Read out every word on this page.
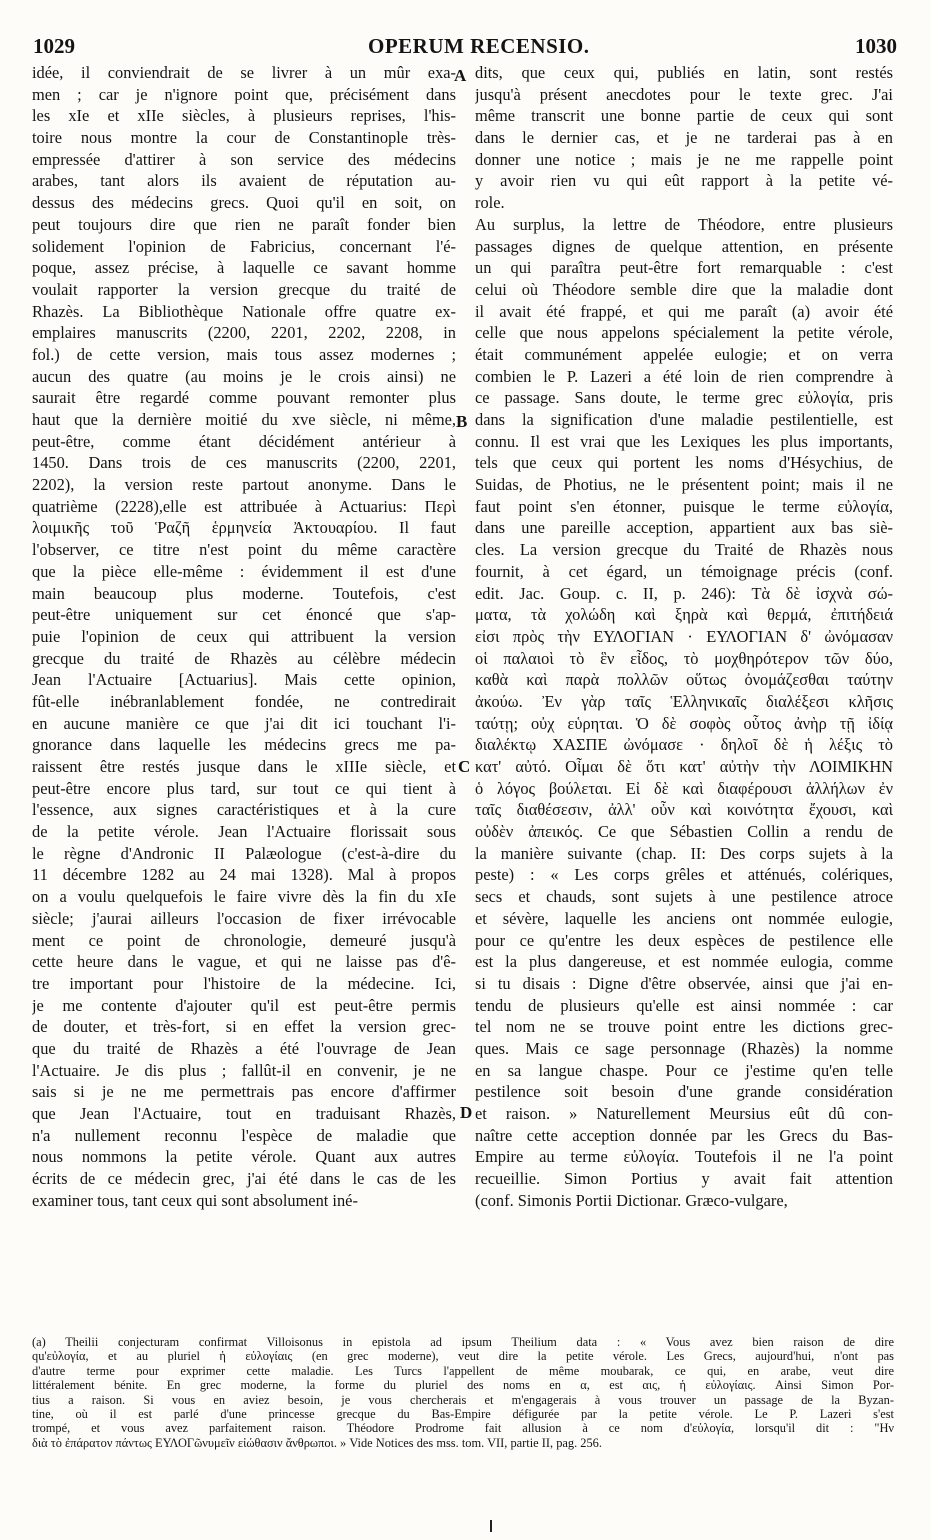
1029	OPERUM RECENSIO.	1030
idée, il conviendrait de se livrer à un mûr exa-
men ; car je n'ignore point que, précisément dans
les xIe et xIIe siècles, à plusieurs reprises, l'his-
toire nous montre la cour de Constantinople très-
empressée d'attirer à son service des médecins
arabes, tant alors ils avaient de réputation au-
dessus des médecins grecs. Quoi qu'il en soit, on
peut toujours dire que rien ne paraît fonder bien
solidement l'opinion de Fabricius, concernant l'é-
poque, assez précise, à laquelle ce savant homme
voulait rapporter la version grecque du traité de
Rhazès. La Bibliothèque Nationale offre quatre ex-
emplaires manuscrits (2200, 2201, 2202, 2208, in
fol.) de cette version, mais tous assez modernes ;
aucun des quatre (au moins je le crois ainsi) ne
saurait être regardé comme pouvant remonter plus
haut que la dernière moitié du xve siècle, ni même,
peut-être, comme étant décidément antérieur à
1450. Dans trois de ces manuscrits (2200, 2201,
2202), la version reste partout anonyme. Dans le
quatrième (2228),elle est attribuée à Actuarius: Περὶ
λοιμικῆς τοῦ Ῥαζῆ ἑρμηνεία Ἀκτουαρίου. Il faut
l'observer, ce titre n'est point du même caractère
que la pièce elle-même : évidemment il est d'une
main beaucoup plus moderne. Toutefois, c'est
peut-être uniquement sur cet énoncé que s'ap-
puie l'opinion de ceux qui attribuent la version
grecque du traité de Rhazès au célèbre médecin
Jean l'Actuaire [Actuarius]. Mais cette opinion,
fût-elle inébranlablement fondée, ne contredirait
en aucune manière ce que j'ai dit ici touchant l'i-
gnorance dans laquelle les médecins grecs me pa-
raissent être restés jusque dans le xIIIe siècle, et
peut-être encore plus tard, sur tout ce qui tient à
l'essence, aux signes caractéristiques et à la cure
de la petite vérole. Jean l'Actuaire florissait sous
le règne d'Andronic II Palæologue (c'est-à-dire du
11 décembre 1282 au 24 mai 1328). Mal à propos
on a voulu quelquefois le faire vivre dès la fin du xIe
siècle; j'aurai ailleurs l'occasion de fixer irrévocable
ment ce point de chronologie, demeuré jusqu'à
cette heure dans le vague, et qui ne laisse pas d'ê-
tre important pour l'histoire de la médecine. Ici,
je me contente d'ajouter qu'il est peut-être permis
de douter, et très-fort, si en effet la version grec-
que du traité de Rhazès a été l'ouvrage de Jean
l'Actuaire. Je dis plus ; fallût-il en convenir, je ne
sais si je ne me permettrais pas encore d'affirmer
que Jean l'Actuaire, tout en traduisant Rhazès,
n'a nullement reconnu l'espèce de maladie que
nous nommons la petite vérole. Quant aux autres
écrits de ce médecin grec, j'ai été dans le cas de les
examiner tous, tant ceux qui sont absolument iné-
dits, que ceux qui, publiés en latin, sont restés
jusqu'à présent anecdotes pour le texte grec. J'ai
même transcrit une bonne partie de ceux qui sont
dans le dernier cas, et je ne tarderai pas à en
donner une notice ; mais je ne me rappelle point
y avoir rien vu qui eût rapport à la petite vé-
role.
Au surplus, la lettre de Théodore, entre plusieurs
passages dignes de quelque attention, en présente
un qui paraîtra peut-être fort remarquable : c'est
celui où Théodore semble dire que la maladie dont
il avait été frappé, et qui me paraît (a) avoir été
celle que nous appelons spécialement la petite vérole,
était communément appelée eulogie; et on verra
combien le P. Lazeri a été loin de rien comprendre à
ce passage. Sans doute, le terme grec εὐλογία, pris
dans la signification d'une maladie pestilentielle, est
connu. Il est vrai que les Lexiques les plus importants,
tels que ceux qui portent les noms d'Hésychius, de
Suidas, de Photius, ne le présentent point; mais il ne
faut point s'en étonner, puisque le terme εὐλογία,
dans une pareille acception, appartient aux bas siè-
cles. La version grecque du Traité de Rhazès nous
fournit, à cet égard, un témoignage précis (conf.
edit. Jac. Goup. c. II, p. 246): Τὰ δὲ ἰσχνὰ σώ-
ματα, τὰ χολώδη καὶ ξηρὰ καὶ θερμά, ἐπιτήδειά
εἰσι πρὸς τὴν ΕΥΛΟΓΙΑΝ · ΕΥΛΟΓΙΑΝ δ' ὠνόμασαν
οἱ παλαιοὶ τὸ ἓν εἶδος, τὸ μοχθηρότερον τῶν δύο,
καθὰ καὶ παρὰ πολλῶν οὕτως ὀνομάζεσθαι ταύτην
ἀκούω. Ἐν γὰρ ταῖς Ἑλληνικαῖς διαλέξεσι κλῆσις
ταύτῃ; οὐχ εὑρηται. Ὁ δὲ σοφὸς οὗτος ἀνὴρ τῇ ἰδίᾳ
διαλέκτῳ ΧΑΣΠΕ ὠνόμασε · δηλοῖ δὲ ἡ λέξις τὸ
κατ' αὐτό. Οἶμαι δὲ ὅτι κατ' αὐτὴν τὴν ΛΟΙΜΙΚΗΝ
ὁ λόγος βούλεται. Εἰ δὲ καὶ διαφέρουσι ἀλλήλων ἐν
ταῖς διαθέσεσιν, ἀλλ' οὖν καὶ κοινότητα ἔχουσι, καὶ
οὐδὲν ἀπεικός. Ce que Sébastien Collin a rendu de
la manière suivante (chap. II: Des corps sujets à la
peste) : « Les corps grêles et atténués, colériques,
secs et chauds, sont sujets à une pestilence atroce
et sévère, laquelle les anciens ont nommée eulogie,
pour ce qu'entre les deux espèces de pestilence elle
est la plus dangereuse, et est nommée eulogia, comme
si tu disais : Digne d'être observée, ainsi que j'ai en-
tendu de plusieurs qu'elle est ainsi nommée : car
tel nom ne se trouve point entre les dictions grec-
ques. Mais ce sage personnage (Rhazès) la nomme
en sa langue chaspe. Pour ce j'estime qu'en telle
pestilence soit besoin d'une grande considération
et raison. » Naturellement Meursius eût dû con-
naître cette acception donnée par les Grecs du Bas-
Empire au terme εὐλογία. Toutefois il ne l'a point
recueillie. Simon Portius y avait fait attention
(conf. Simonis Portii Dictionar. Græco-vulgare,
A
B
C
D
(a) Theilii conjecturam confirmat Villoisonus in epistola ad ipsum Theilium data : « Vous avez bien raison de dire
qu'εὐλογία, et au pluriel ἡ εὐλογίαις (en grec moderne), veut dire la petite vérole. Les Grecs, aujourd'hui, n'ont pas
d'autre terme pour exprimer cette maladie. Les Turcs l'appellent de même moubarak, ce qui, en arabe, veut dire
littéralement bénite. En grec moderne, la forme du pluriel des noms en α, est αις, ἡ εὐλογίαις. Ainsi Simon Por-
tius a raison. Si vous en aviez besoin, je vous chercherais et m'engagerais à vous trouver un passage de la Byzan-
tine, où il est parlé d'une princesse grecque du Bas-Empire défigurée par la petite vérole. Le P. Lazeri s'est
trompé, et vous avez parfaitement raison. Théodore Prodrome fait allusion à ce nom d'εὐλογία, lorsqu'il dit : "Ην
διὰ τὸ ἐπάρατον πάντως ΕΥΛΟΓῶνυμεῖν εἰώθασιν ἄνθρωποι. » Vide Notices des mss. tom. VII, partie II, pag. 256.
